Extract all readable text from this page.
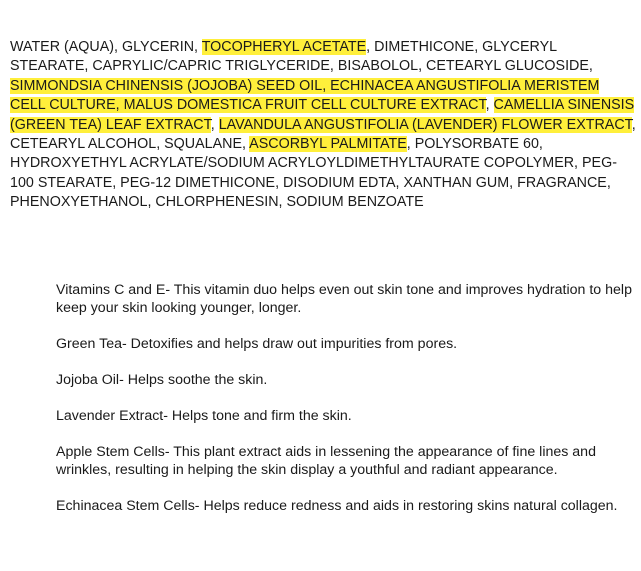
WATER (AQUA), GLYCERIN, TOCOPHERYL ACETATE, DIMETHICONE, GLYCERYL STEARATE, CAPRYLIC/CAPRIC TRIGLYCERIDE, BISABOLOL, CETEARYL GLUCOSIDE, SIMMONDSIA CHINENSIS (JOJOBA) SEED OIL, ECHINACEA ANGUSTIFOLIA MERISTEM CELL CULTURE, MALUS DOMESTICA FRUIT CELL CULTURE EXTRACT, CAMELLIA SINENSIS (GREEN TEA) LEAF EXTRACT, LAVANDULA ANGUSTIFOLIA (LAVENDER) FLOWER EXTRACT, CETEARYL ALCOHOL, SQUALANE, ASCORBYL PALMITATE, POLYSORBATE 60, HYDROXYETHYL ACRYLATE/SODIUM ACRYLOYLDIMETHYLTAURATE COPOLYMER, PEG-100 STEARATE, PEG-12 DIMETHICONE, DISODIUM EDTA, XANTHAN GUM, FRAGRANCE, PHENOXYETHANOL, CHLORPHENESIN, SODIUM BENZOATE

Vitamins C and E- This vitamin duo helps even out skin tone and improves hydration to help keep your skin looking younger, longer.

Green Tea- Detoxifies and helps draw out impurities from pores.

Jojoba Oil- Helps soothe the skin.

Lavender Extract- Helps tone and firm the skin.

Apple Stem Cells- This plant extract aids in lessening the appearance of fine lines and wrinkles, resulting in helping the skin display a youthful and radiant appearance.

Echinacea Stem Cells- Helps reduce redness and aids in restoring skins natural collagen.
